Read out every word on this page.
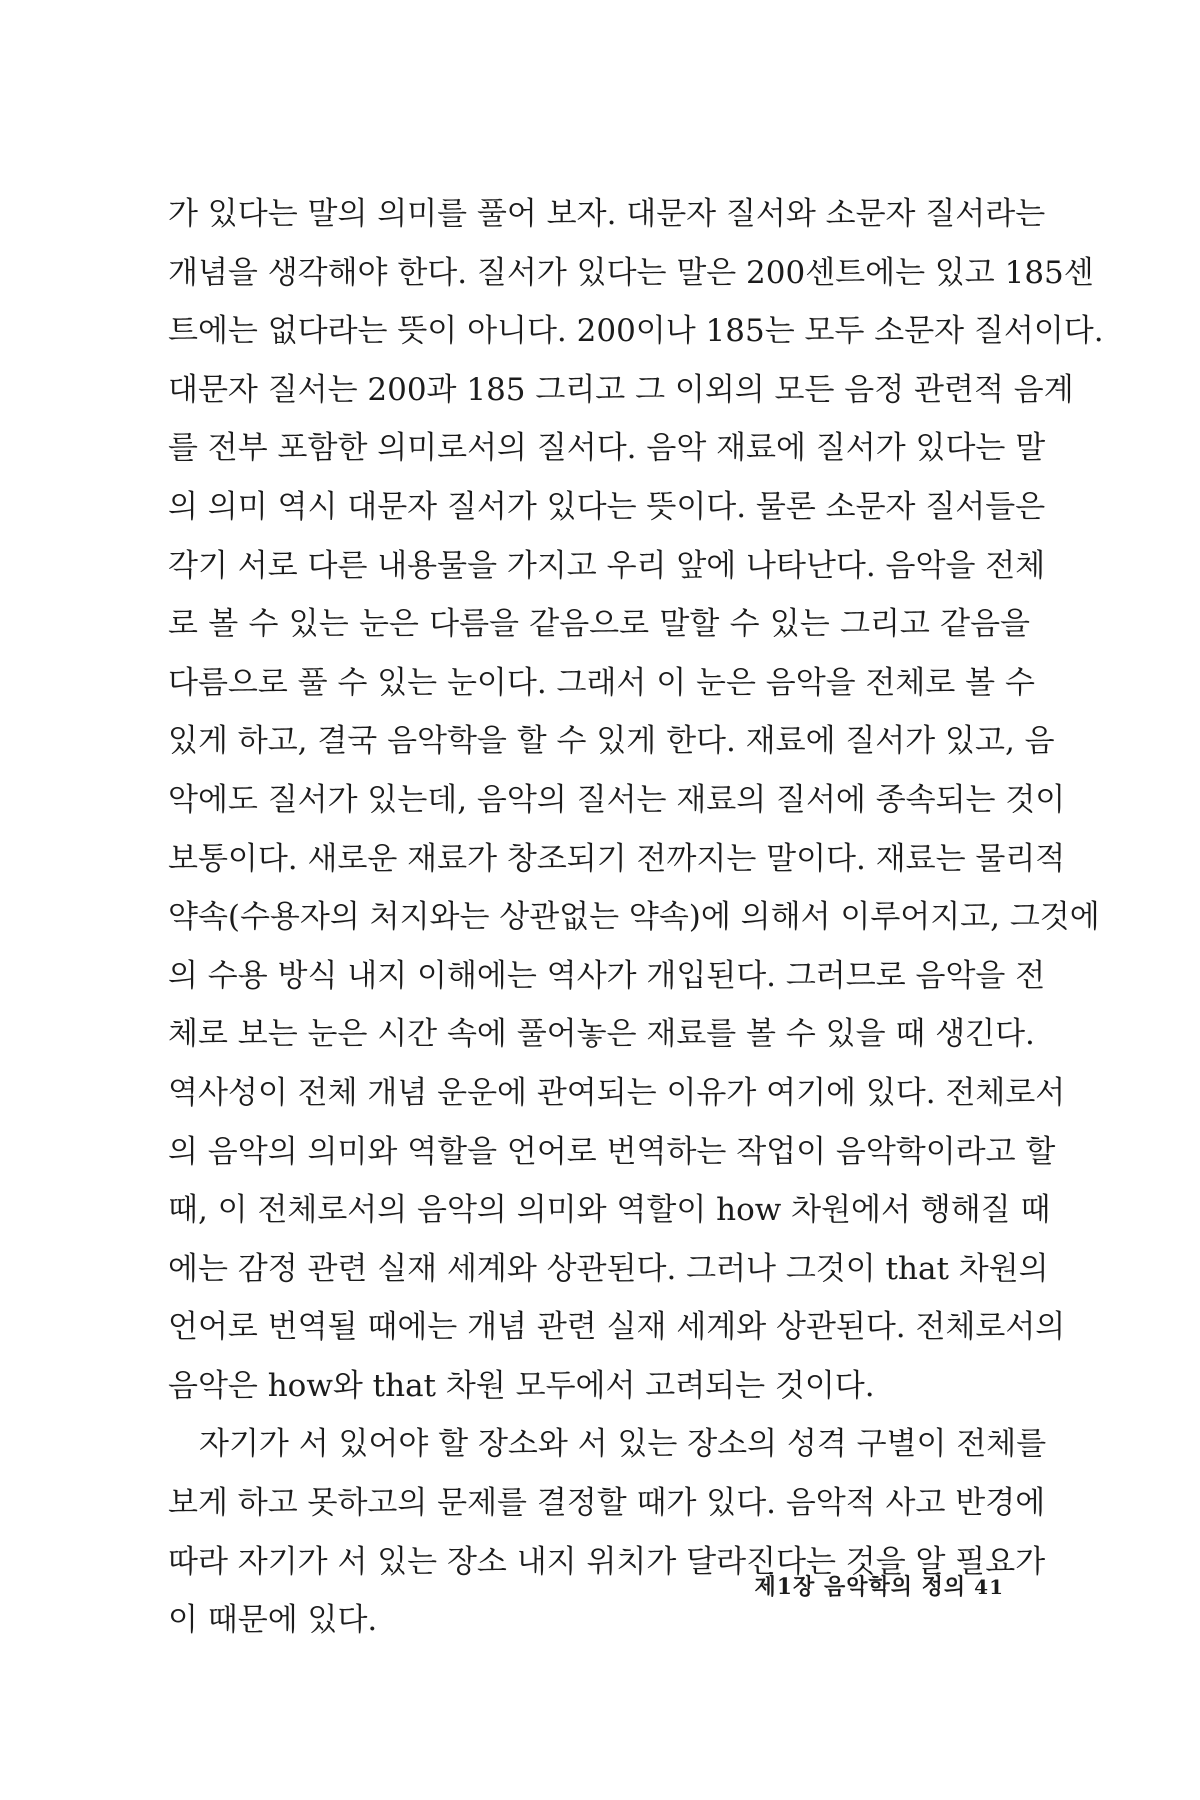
가 있다는 말의 의미를 풀어 보자. 대문자 질서와 소문자 질서라는
개념을 생각해야 한다. 질서가 있다는 말은 200센트에는 있고 185센
트에는 없다라는 뜻이 아니다. 200이나 185는 모두 소문자 질서이다.
대문자 질서는 200과 185 그리고 그 이외의 모든 음정 관련적 음계
를 전부 포함한 의미로서의 질서다. 음악 재료에 질서가 있다는 말
의 의미 역시 대문자 질서가 있다는 뜻이다. 물론 소문자 질서들은
각기 서로 다른 내용물을 가지고 우리 앞에 나타난다. 음악을 전체
로 볼 수 있는 눈은 다름을 같음으로 말할 수 있는 그리고 같음을
다름으로 풀 수 있는 눈이다. 그래서 이 눈은 음악을 전체로 볼 수
있게 하고, 결국 음악학을 할 수 있게 한다. 재료에 질서가 있고, 음
악에도 질서가 있는데, 음악의 질서는 재료의 질서에 종속되는 것이
보통이다. 새로운 재료가 창조되기 전까지는 말이다. 재료는 물리적
약속(수용자의 처지와는 상관없는 약속)에 의해서 이루어지고, 그것에
의 수용 방식 내지 이해에는 역사가 개입된다. 그러므로 음악을 전
체로 보는 눈은 시간 속에 풀어놓은 재료를 볼 수 있을 때 생긴다.
역사성이 전체 개념 운운에 관여되는 이유가 여기에 있다. 전체로서
의 음악의 의미와 역할을 언어로 번역하는 작업이 음악학이라고 할
때, 이 전체로서의 음악의 의미와 역할이 how 차원에서 행해질 때
에는 감정 관련 실재 세계와 상관된다. 그러나 그것이 that 차원의
언어로 번역될 때에는 개념 관련 실재 세계와 상관된다. 전체로서의
음악은 how와 that 차원 모두에서 고려되는 것이다.
　자기가 서 있어야 할 장소와 서 있는 장소의 성격 구별이 전체를
보게 하고 못하고의 문제를 결정할 때가 있다. 음악적 사고 반경에
따라 자기가 서 있는 장소 내지 위치가 달라진다는 것을 알 필요가
이 때문에 있다.
제1장 음악학의 정의 41
